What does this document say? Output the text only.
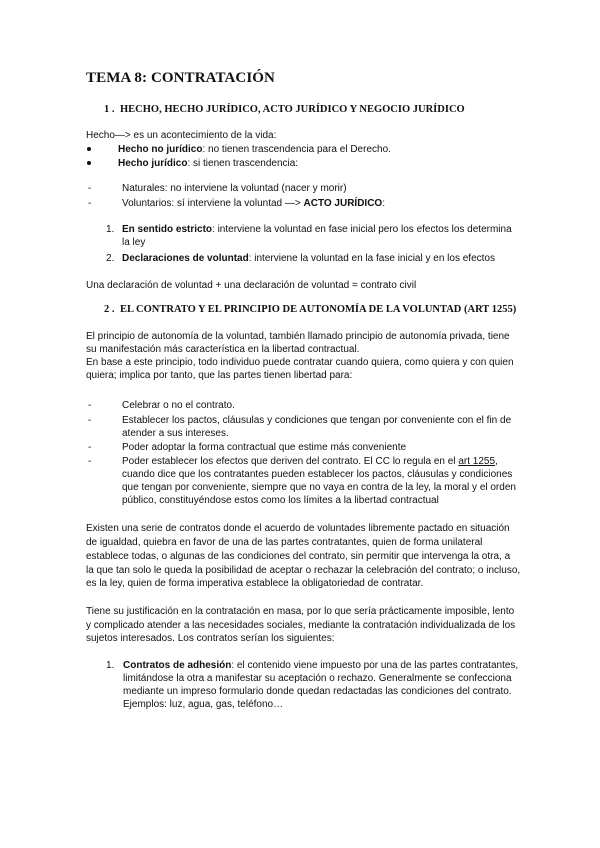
TEMA 8: CONTRATACIÓN
1 . HECHO, HECHO JURÍDICO, ACTO JURÍDICO Y NEGOCIO JURÍDICO
Hecho—> es un acontecimiento de la vida:
Hecho no jurídico: no tienen trascendencia para el Derecho.
Hecho jurídico: si tienen trascendencia:
-	Naturales: no interviene la voluntad (nacer y morir)
-	Voluntarios: sí interviene la voluntad —> ACTO JURÍDICO:
1. En sentido estricto: interviene la voluntad en fase inicial pero los efectos los determina
la ley
2. Declaraciones de voluntad: interviene la voluntad en la fase inicial y en los efectos
Una declaración de voluntad + una declaración de voluntad = contrato civil
2 . EL CONTRATO Y EL PRINCIPIO DE AUTONOMÍA DE LA VOLUNTAD (ART 1255)
El principio de autonomía de la voluntad, también llamado principio de autonomía privada, tiene
su manifestación más característica en la libertad contractual.
En base a este principio, todo individuo puede contratar cuando quiera, como quiera y con quien
quiera; implica por tanto, que las partes tienen libertad para:
-	Celebrar o no el contrato.
-	Establecer los pactos, cláusulas y condiciones que tengan por conveniente con el fin de
atender a sus intereses.
-	Poder adoptar la forma contractual que estime más conveniente
-	Poder establecer los efectos que deriven del contrato. El CC lo regula en el art 1255,
cuando dice que los contratantes pueden establecer los pactos, cláusulas y condiciones
que tengan por conveniente, siempre que no vaya en contra de la ley, la moral y el orden
público, constituyéndose estos como los límites a la libertad contractual
Existen una serie de contratos donde el acuerdo de voluntades libremente pactado en situación
de igualdad, quiebra en favor de una de las partes contratantes, quien de forma unilateral
establece todas, o algunas de las condiciones del contrato, sin permitir que intervenga la otra, a
la que tan solo le queda la posibilidad de aceptar o rechazar la celebración del contrato; o incluso,
es la ley, quien de forma imperativa establece la obligatoriedad de contratar.
Tiene su justificación en la contratación en masa, por lo que sería prácticamente imposible, lento
y complicado atender a las necesidades sociales, mediante la contratación individualizada de los
sujetos interesados. Los contratos serían los siguientes:
1. Contratos de adhesión: el contenido viene impuesto por una de las partes contratantes,
limitándose la otra a manifestar su aceptación o rechazo. Generalmente se confecciona
mediante un impreso formulario donde quedan redactadas las condiciones del contrato.
Ejemplos: luz, agua, gas, teléfono…
